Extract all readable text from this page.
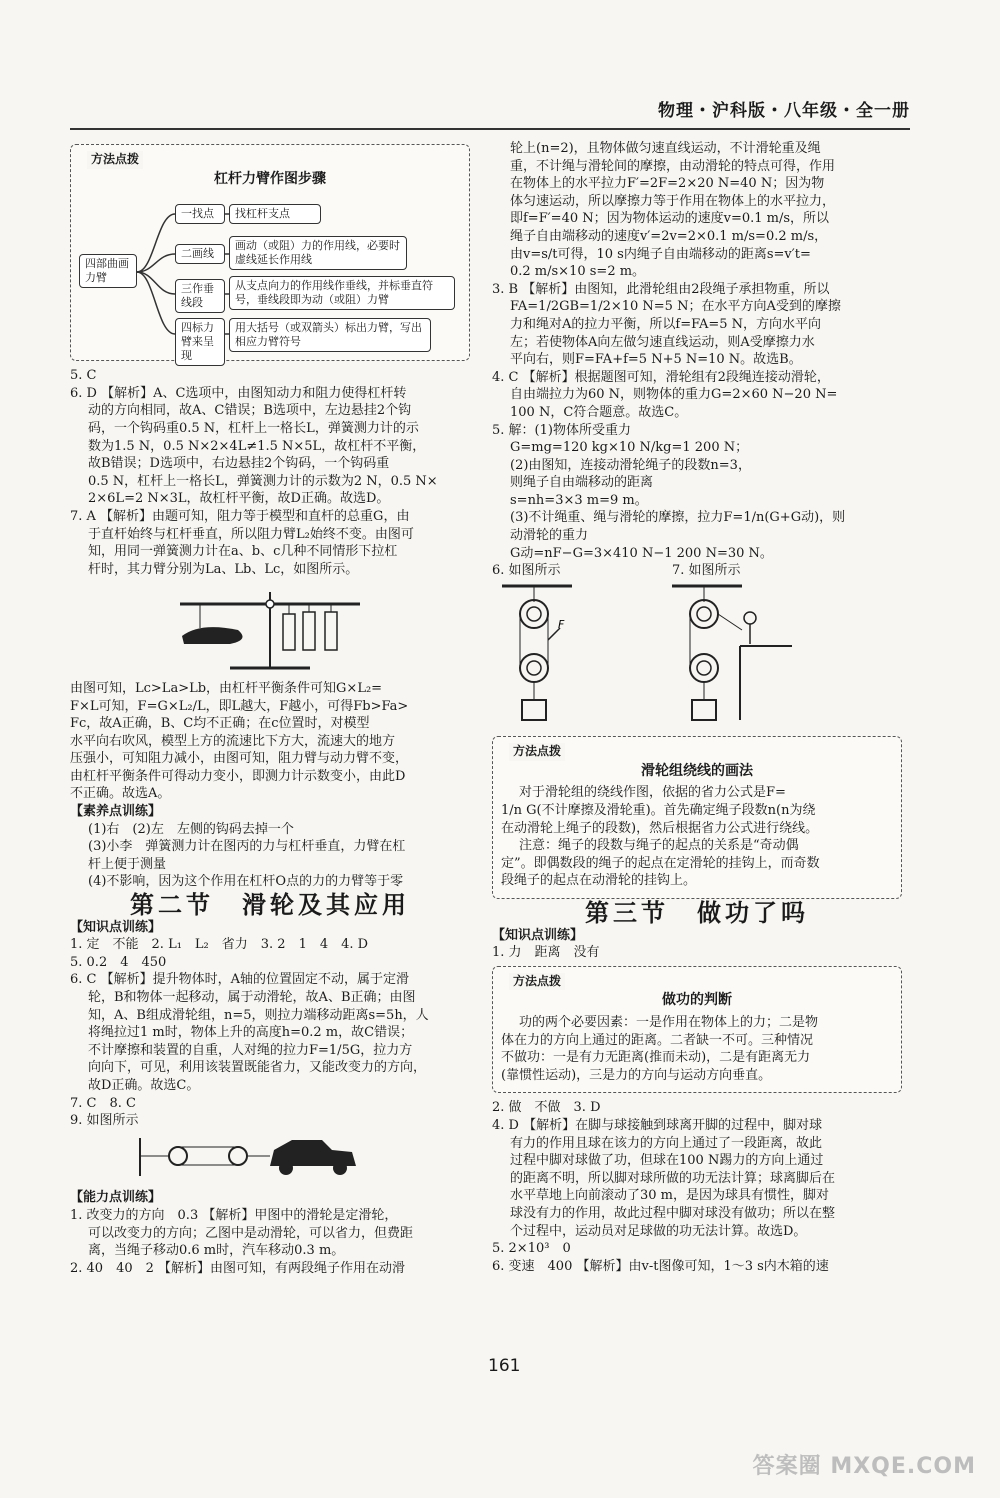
物理・沪科版・八年级・全一册
方法点拨
杠杆力臂作图步骤
四部曲画力臂
一找点	找杠杆支点
二画线
画动（或阻）力的作用线，必要时虚线延长作用线
三作垂线段
从支点向力的作用线作垂线，并标垂直符号，垂线段即为动（或阻）力臂
四标力臂来呈现
用大括号（或双箭头）标出力臂，写出相应力臂符号

5. C

6. D 【解析】A、C选项中，由图知动力和阻力使得杠杆转

动的方向相同，故A、C错误；B选项中，左边悬挂2个钩

码，一个钩码重0.5 N，杠杆上一格长L，弹簧测力计的示

数为1.5 N，0.5 N×2×4L≠1.5 N×5L，故杠杆不平衡，

故B错误；D选项中，右边悬挂2个钩码，一个钩码重

0.5 N，杠杆上一格长L，弹簧测力计的示数为2 N，0.5 N×

2×6L=2 N×3L，故杠杆平衡，故D正确。故选D。

7. A 【解析】由题可知，阻力等于模型和直杆的总重G，由

于直杆始终与杠杆垂直，所以阻力臂L₂始终不变。由图可

知，用同一弹簧测力计在a、b、c几种不同情形下拉杠

杆时，其力臂分别为La、Lb、Lc，如图所示。

由图可知，Lc>La>Lb，由杠杆平衡条件可知G×L₂=

F×L可知，F=G×L₂/L，即L越大，F越小，可得Fb>Fa>

Fc，故A正确，B、C均不正确；在c位置时，对模型

水平向右吹风，模型上方的流速比下方大，流速大的地方

压强小，可知阻力减小，由图可知，阻力臂与动力臂不变，

由杠杆平衡条件可得动力变小，即测力计示数变小，由此D

不正确。故选A。

【素养点训练】

(1)右　(2)左　左侧的钩码去掉一个

(3)小李　弹簧测力计在图丙的力与杠杆垂直，力臂在杠

杆上便于测量

(4)不影响，因为这个作用在杠杆O点的力的力臂等于零

第二节　滑轮及其应用

【知识点训练】

1. 定　不能　2. L₁　L₂　省力　3. 2　1　4　4. D

5. 0.2　4　450

6. C 【解析】提升物体时，A轴的位置固定不动，属于定滑

轮，B和物体一起移动，属于动滑轮，故A、B正确；由图

知，A、B组成滑轮组，n=5，则拉力端移动距离s=5h，人

将绳拉过1 m时，物体上升的高度h=0.2 m，故C错误；

不计摩擦和装置的自重，人对绳的拉力F=1/5G，拉力方

向向下，可见，利用该装置既能省力，又能改变力的方向，

故D正确。故选C。

7. C　8. C

9. 如图所示

【能力点训练】

1. 改变力的方向　0.3 【解析】甲图中的滑轮是定滑轮，

可以改变力的方向；乙图中是动滑轮，可以省力，但费距

离，当绳子移动0.6 m时，汽车移动0.3 m。

2. 40　40　2 【解析】由图可知，有两段绳子作用在动滑

轮上(n=2)，且物体做匀速直线运动，不计滑轮重及绳

重，不计绳与滑轮间的摩擦，由动滑轮的特点可得，作用

在物体上的水平拉力F′=2F=2×20 N=40 N；因为物

体匀速运动，所以摩擦力等于作用在物体上的水平拉力，

即f=F′=40 N；因为物体运动的速度v=0.1 m/s，所以

绳子自由端移动的速度v′=2v=2×0.1 m/s=0.2 m/s，

由v=s/t可得，10 s内绳子自由端移动的距离s=v′t=

0.2 m/s×10 s=2 m。

3. B 【解析】由图知，此滑轮组由2段绳子承担物重，所以

FA=1/2GB=1/2×10 N=5 N；在水平方向A受到的摩擦

力和绳对A的拉力平衡，所以f=FA=5 N，方向水平向

左；若使物体A向左做匀速直线运动，则A受摩擦力水

平向右，则F=FA+f=5 N+5 N=10 N。故选B。

4. C 【解析】根据题图可知，滑轮组有2段绳连接动滑轮，

自由端拉力为60 N，则物体的重力G=2×60 N−20 N=

100 N，C符合题意。故选C。

5. 解：(1)物体所受重力

G=mg=120 kg×10 N/kg=1 200 N；

(2)由图知，连接动滑轮绳子的段数n=3，

则绳子自由端移动的距离

s=nh=3×3 m=9 m。

(3)不计绳重、绳与滑轮的摩擦，拉力F=1/n(G+G动)，则

动滑轮的重力

G动=nF−G=3×410 N−1 200 N=30 N。

6. 如图所示	7. 如图所示
F
方法点拨
滑轮组绕线的画法

对于滑轮组的绕线作图，依据的省力公式是F=

1/n G(不计摩擦及滑轮重)。首先确定绳子段数n(n为绕

在动滑轮上绳子的段数)，然后根据省力公式进行绕线。

注意：绳子的段数与绳子的起点的关系是“奇动偶

定”。即偶数段的绳子的起点在定滑轮的挂钩上，而奇数

段绳子的起点在动滑轮的挂钩上。

第三节　做功了吗

【知识点训练】

1. 力　距离　没有

方法点拨
做功的判断

功的两个必要因素：一是作用在物体上的力；二是物

体在力的方向上通过的距离。二者缺一不可。三种情况

不做功：一是有力无距离(推而未动)，二是有距离无力

(靠惯性运动)，三是力的方向与运动方向垂直。

2. 做　不做　3. D

4. D 【解析】在脚与球接触到球离开脚的过程中，脚对球

有力的作用且球在该力的方向上通过了一段距离，故此

过程中脚对球做了功，但球在100 N踢力的方向上通过

的距离不明，所以脚对球所做的功无法计算；球离脚后在

水平草地上向前滚动了30 m，是因为球具有惯性，脚对

球没有力的作用，故此过程中脚对球没有做功；所以在整

个过程中，运动员对足球做的功无法计算。故选D。

5. 2×10³　0

6. 变速　400 【解析】由v-t图像可知，1～3 s内木箱的速

161
答案圈 MXQE.COM
